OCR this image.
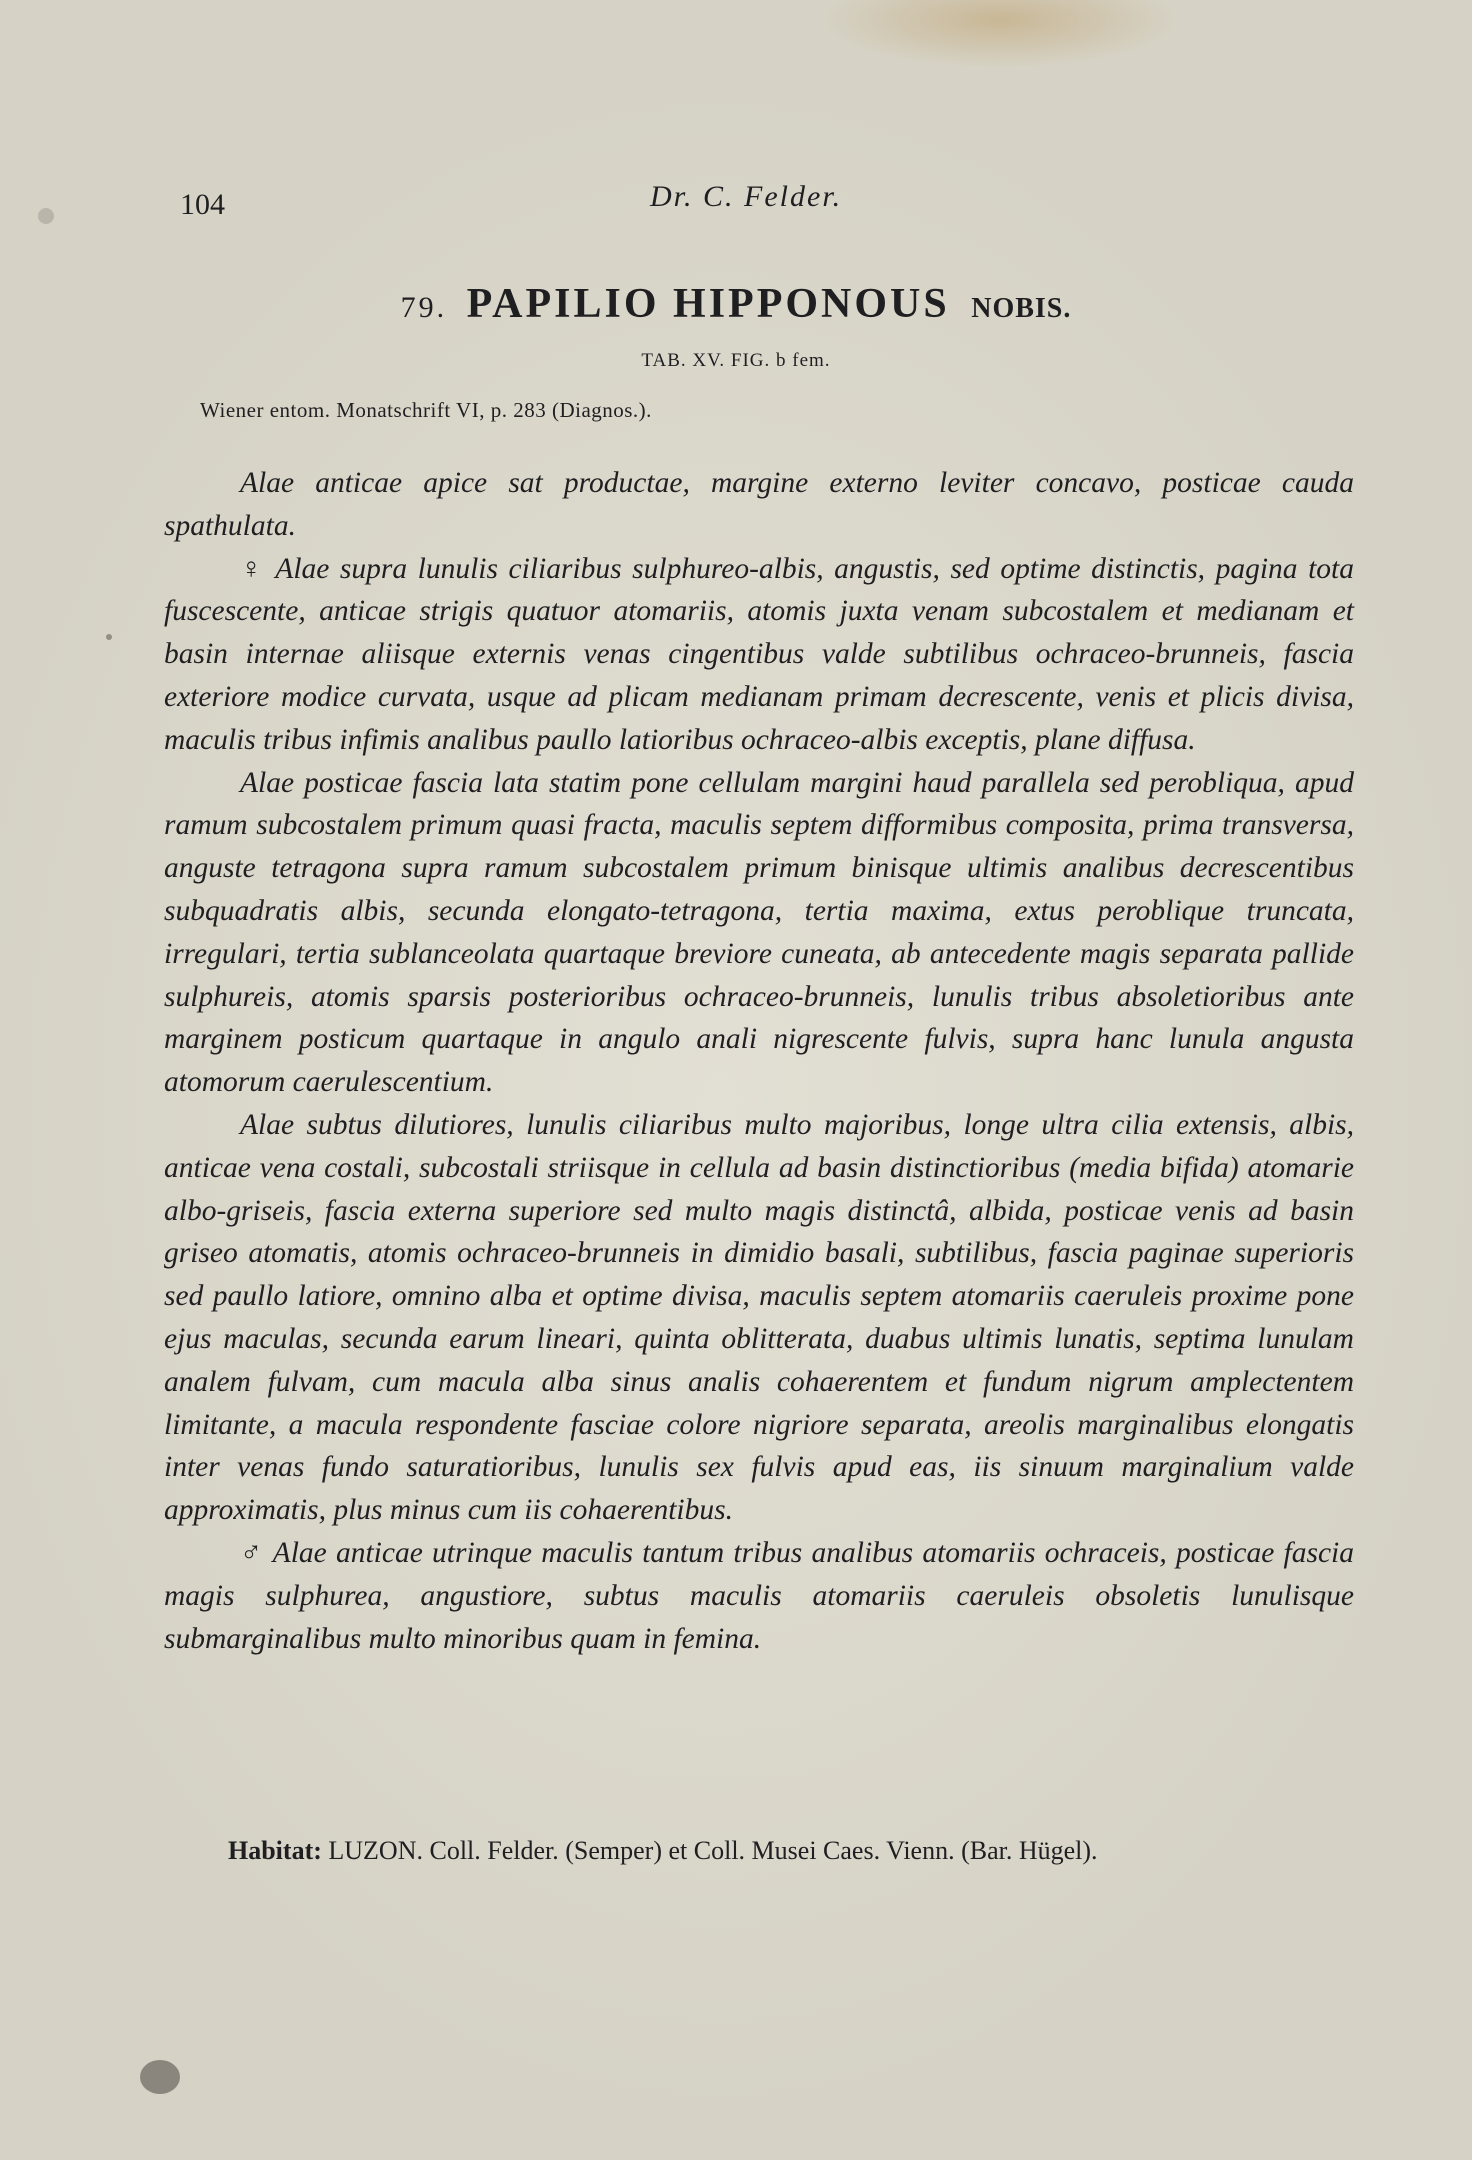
104	Dr. C. Felder.
79. PAPILIO HIPPONOUS NOBIS.
TAB. XV. FIG. b fem.
Wiener entom. Monatschrift VI, p. 283 (Diagnos.).

Alae anticae apice sat productae, margine externo leviter concavo, posticae cauda spathulata.

♀ Alae supra lunulis ciliaribus sulphureo-albis, angustis, sed optime distinctis, pagina tota fuscescente, anticae strigis quatuor atomariis, atomis juxta venam subcostalem et medianam et basin internae aliisque externis venas cingentibus valde subtilibus ochraceo-brunneis, fascia exteriore modice curvata, usque ad plicam medianam primam decrescente, venis et plicis divisa, maculis tribus infimis analibus paullo latioribus ochraceo-albis exceptis, plane diffusa.

Alae posticae fascia lata statim pone cellulam margini haud parallela sed perobliqua, apud ramum subcostalem primum quasi fracta, maculis septem difformibus composita, prima transversa, anguste tetragona supra ramum subcostalem primum binisque ultimis analibus decrescentibus subquadratis albis, secunda elongato-tetragona, tertia maxima, extus peroblique truncata, irregulari, tertia sublanceolata quartaque breviore cuneata, ab antecedente magis separata pallide sulphureis, atomis sparsis posterioribus ochraceo-brunneis, lunulis tribus absoletioribus ante marginem posticum quartaque in angulo anali nigrescente fulvis, supra hanc lunula angusta atomorum caerulescentium.

Alae subtus dilutiores, lunulis ciliaribus multo majoribus, longe ultra cilia extensis, albis, anticae vena costali, subcostali striisque in cellula ad basin distinctioribus (media bifida) atomarie albo-griseis, fascia externa superiore sed multo magis distinctâ, albida, posticae venis ad basin griseo atomatis, atomis ochraceo-brunneis in dimidio basali, subtilibus, fascia paginae superioris sed paullo latiore, omnino alba et optime divisa, maculis septem atomariis caeruleis proxime pone ejus maculas, secunda earum lineari, quinta oblitterata, duabus ultimis lunatis, septima lunulam analem fulvam, cum macula alba sinus analis cohaerentem et fundum nigrum amplectentem limitante, a macula respondente fasciae colore nigriore separata, areolis marginalibus elongatis inter venas fundo saturatioribus, lunulis sex fulvis apud eas, iis sinuum marginalium valde approximatis, plus minus cum iis cohaerentibus.

♂ Alae anticae utrinque maculis tantum tribus analibus atomariis ochraceis, posticae fascia magis sulphurea, angustiore, subtus maculis atomariis caeruleis obsoletis lunulisque submarginalibus multo minoribus quam in femina.

Habitat: LUZON. Coll. Felder. (Semper) et Coll. Musei Caes. Vienn. (Bar. Hügel).
